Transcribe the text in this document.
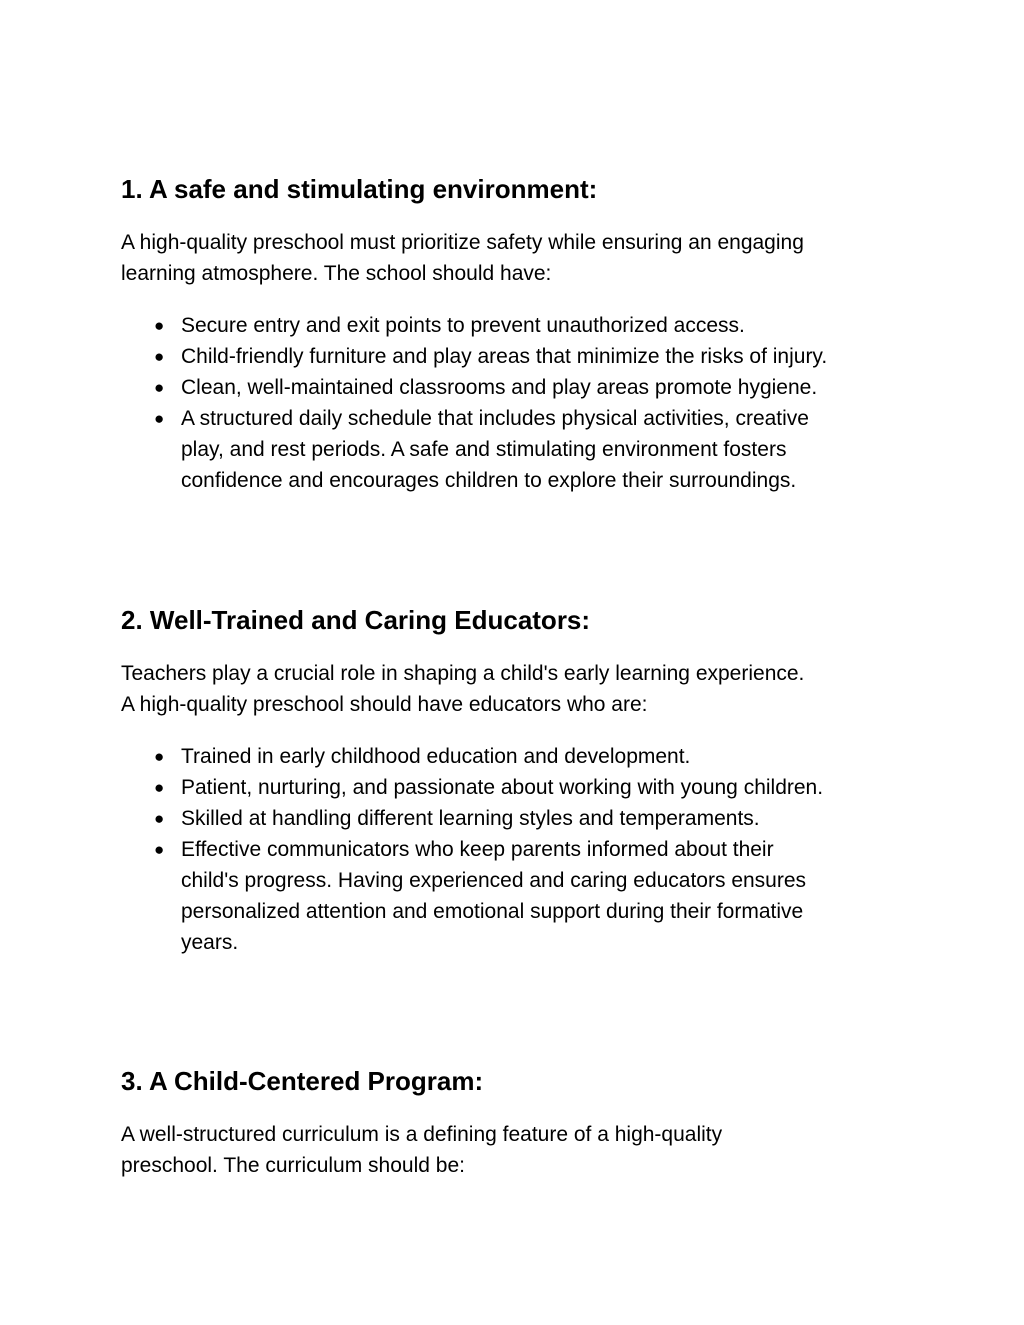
1. A safe and stimulating environment:

A high-quality preschool must prioritize safety while ensuring an engaging
learning atmosphere. The school should have:

● Secure entry and exit points to prevent unauthorized access.
● Child-friendly furniture and play areas that minimize the risks of injury.
● Clean, well-maintained classrooms and play areas promote hygiene.
● A structured daily schedule that includes physical activities, creative
play, and rest periods. A safe and stimulating environment fosters
confidence and encourages children to explore their surroundings.
2. Well-Trained and Caring Educators:

Teachers play a crucial role in shaping a child's early learning experience.
A high-quality preschool should have educators who are:

● Trained in early childhood education and development.
● Patient, nurturing, and passionate about working with young children.
● Skilled at handling different learning styles and temperaments.
● Effective communicators who keep parents informed about their
child's progress. Having experienced and caring educators ensures
personalized attention and emotional support during their formative
years.
3. A Child-Centered Program:

A well-structured curriculum is a defining feature of a high-quality
preschool. The curriculum should be:
